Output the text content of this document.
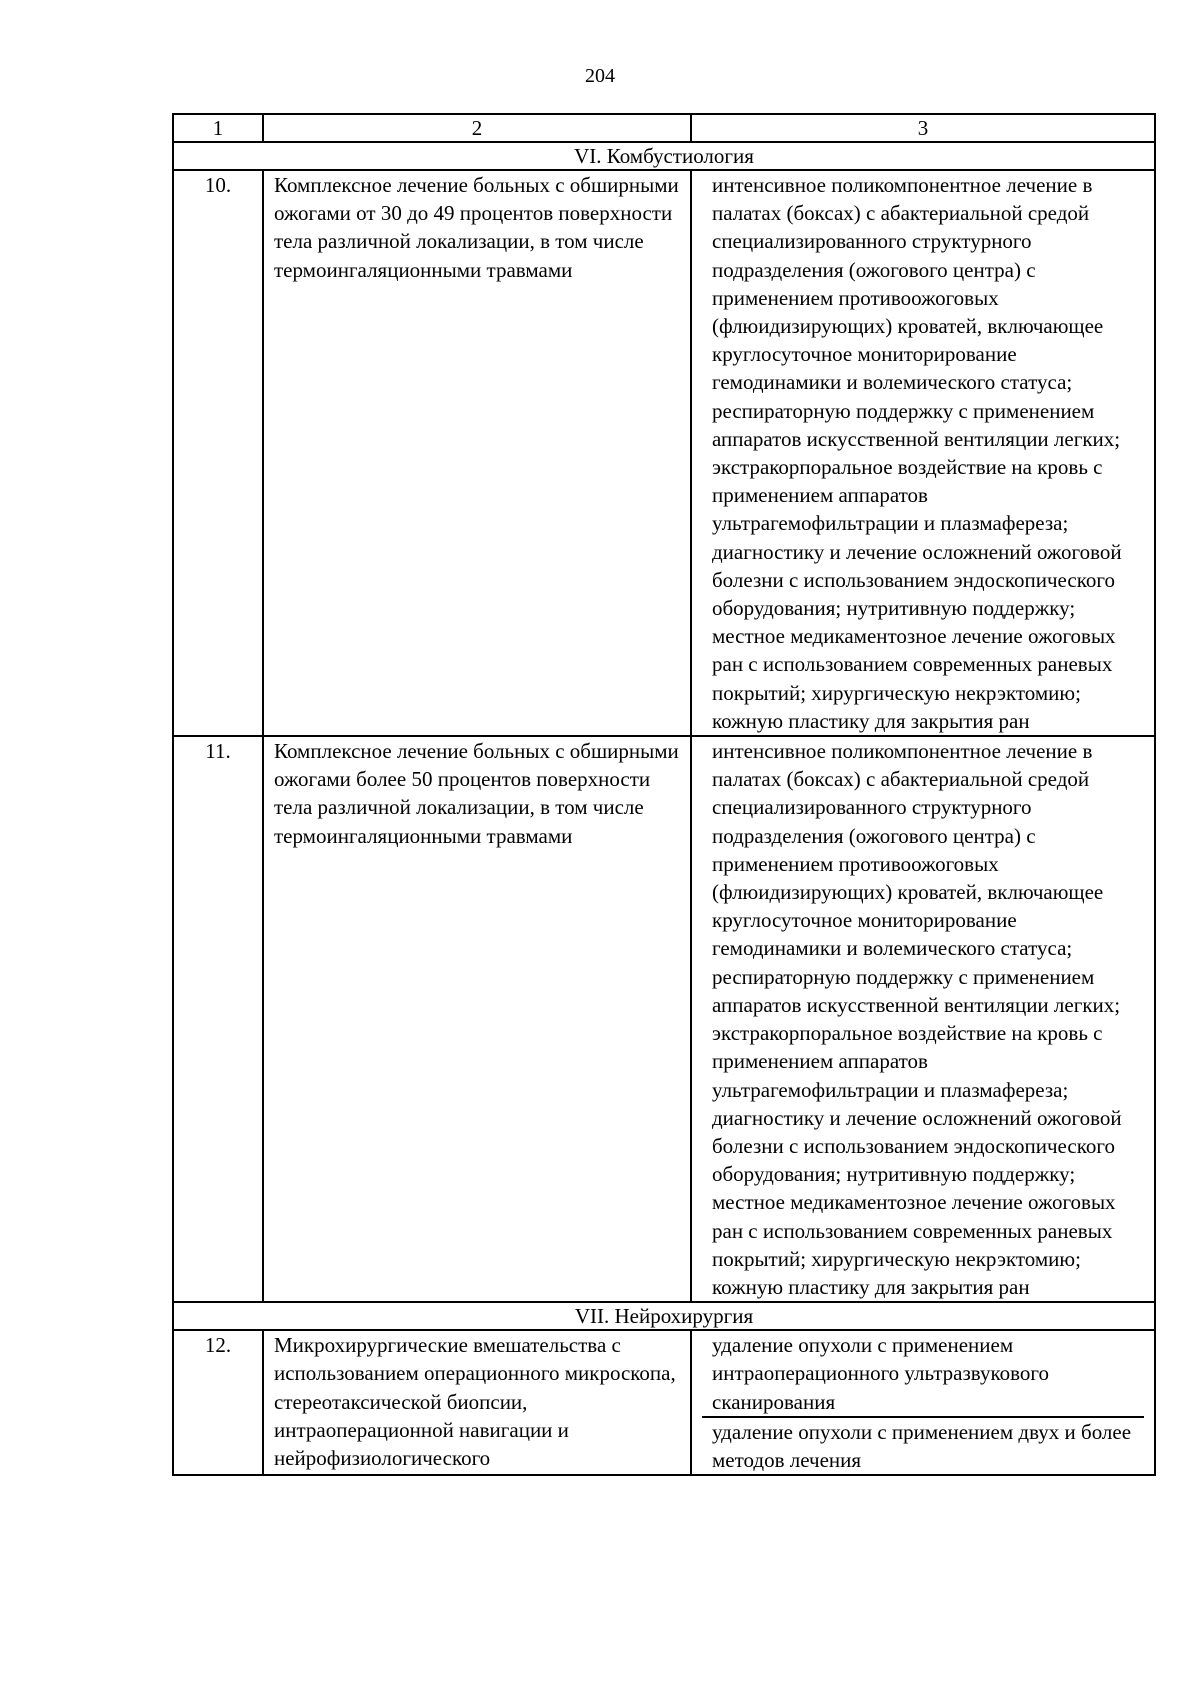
204
1	2	3
VI. Комбустиология		
10.	Комплексное лечение больных с обширными ожогами от 30 до 49 процентов поверхности тела различной локализации, в том числе термоингаляционными травмами	интенсивное поликомпонентное лечение в палатах (боксах) с абактериальной средой специализированного структурного подразделения (ожогового центра) с применением противоожоговых (флюидизирующих) кроватей, включающее круглосуточное мониторирование гемодинамики и волемического статуса; респираторную поддержку с применением аппаратов искусственной вентиляции легких; экстракорпоральное воздействие на кровь с применением аппаратов ультрагемофильтрации и плазмафереза; диагностику и лечение осложнений ожоговой болезни с использованием эндоскопического оборудования; нутритивную поддержку; местное медикаментозное лечение ожоговых ран с использованием современных раневых покрытий; хирургическую некрэктомию; кожную пластику для закрытия ран

11.	Комплексное лечение больных с обширными ожогами более 50 процентов поверхности тела различной локализации, в том числе термоингаляционными травмами	интенсивное поликомпонентное лечение в палатах (боксах) с абактериальной средой специализированного структурного подразделения (ожогового центра) с применением противоожоговых (флюидизирующих) кроватей, включающее круглосуточное мониторирование гемодинамики и волемического статуса; респираторную поддержку с применением аппаратов искусственной вентиляции легких; экстракорпоральное воздействие на кровь с применением аппаратов ультрагемофильтрации и плазмафереза; диагностику и лечение осложнений ожоговой болезни с использованием эндоскопического оборудования; нутритивную поддержку; местное медикаментозное лечение ожоговых ран с использованием современных раневых покрытий; хирургическую некрэктомию; кожную пластику для закрытия ран

VII. Нейрохирургия		
12.	Микрохирургические вмешательства с использованием операционного микроскопа, стереотаксической биопсии, интраоперационной навигации и нейрофизиологического	удаление опухоли с применением интраоперационного ультразвукового сканирования
удаление опухоли с применением двух и более методов лечения
